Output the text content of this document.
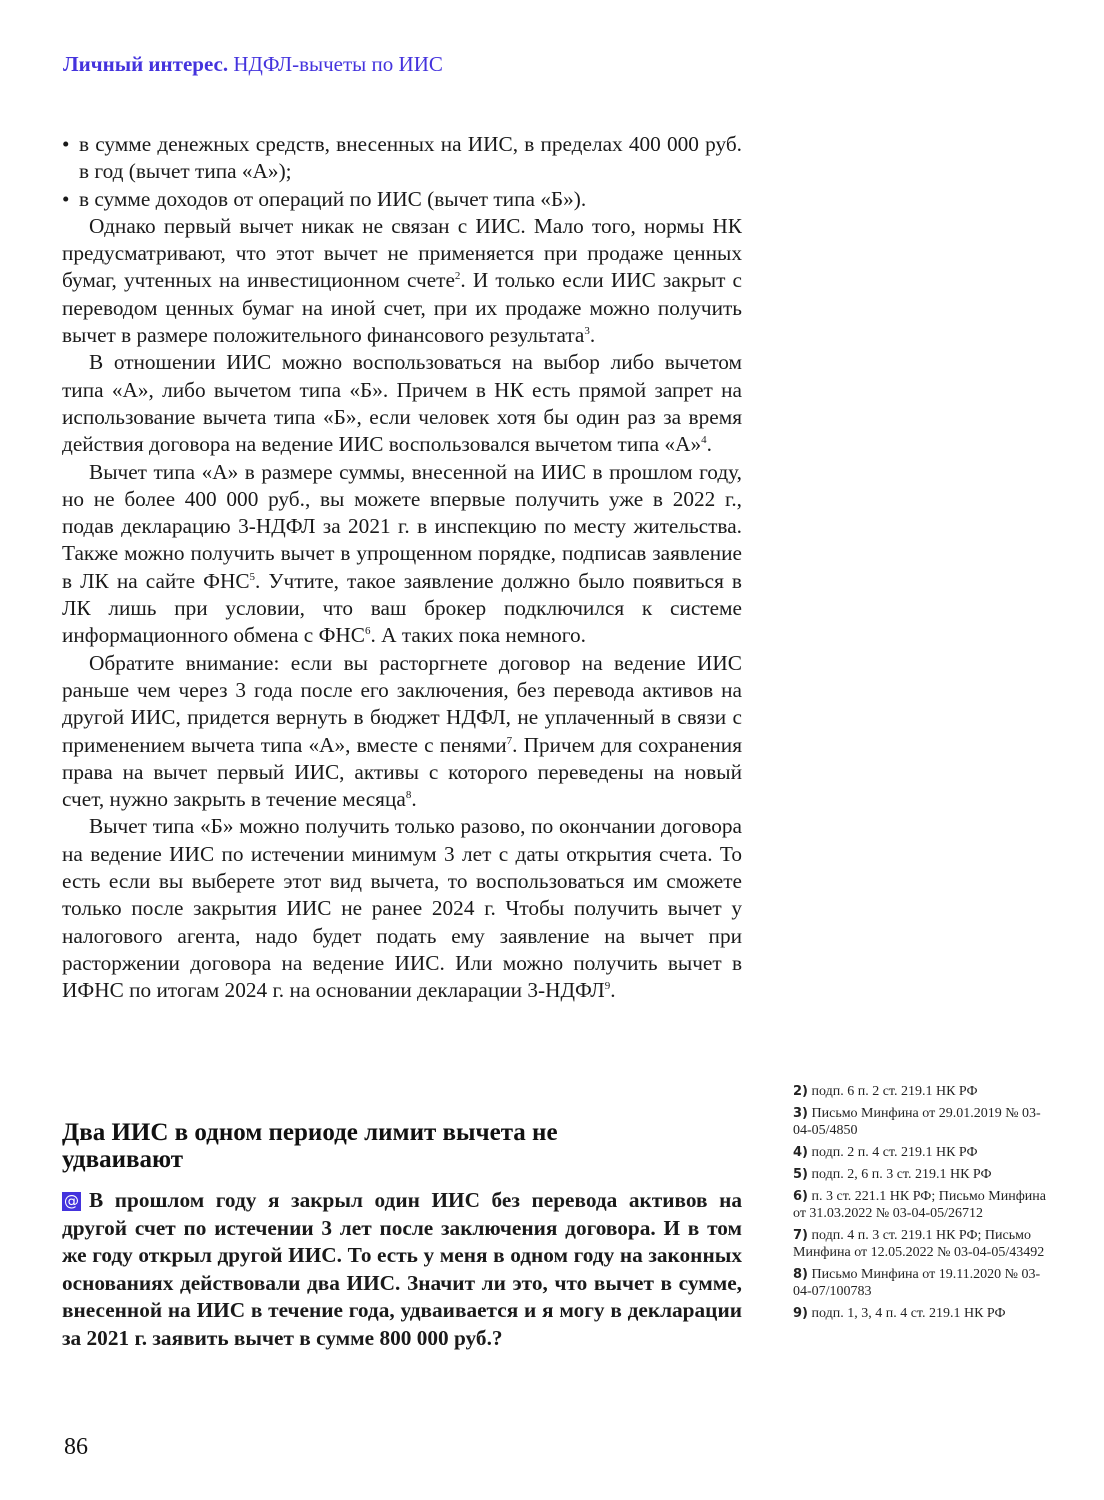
Личный интерес. НДФЛ-вычеты по ИИС
• в сумме денежных средств, внесенных на ИИС, в пределах 400 000 руб. в год (вычет типа «А»);
• в сумме доходов от операций по ИИС (вычет типа «Б»).

Однако первый вычет никак не связан с ИИС. Мало того, нормы НК предусматривают, что этот вычет не применяется при продаже ценных бумаг, учтенных на инвестиционном счете$^2$. И только если ИИС закрыт с переводом ценных бумаг на иной счет, при их продаже можно получить вычет в размере положительного финансового результата$^3$.

В отношении ИИС можно воспользоваться на выбор либо вычетом типа «А», либо вычетом типа «Б». Причем в НК есть прямой запрет на использование вычета типа «Б», если человек хотя бы один раз за время действия договора на ведение ИИС воспользовался вычетом типа «А»$^4$.

Вычет типа «А» в размере суммы, внесенной на ИИС в прошлом году, но не более 400 000 руб., вы можете впервые получить уже в 2022 г., подав декларацию 3-НДФЛ за 2021 г. в инспекцию по месту жительства. Также можно получить вычет в упрощенном порядке, подписав заявление в ЛК на сайте ФНС$^5$. Учтите, такое заявление должно было появиться в ЛК лишь при условии, что ваш брокер подключился к системе информационного обмена с ФНС$^6$. А таких пока немного.

Обратите внимание: если вы расторгнете договор на ведение ИИС раньше чем через 3 года после его заключения, без перевода активов на другой ИИС, придется вернуть в бюджет НДФЛ, не уплаченный в связи с применением вычета типа «А», вместе с пенями$^7$. Причем для сохранения права на вычет первый ИИС, активы с которого переведены на новый счет, нужно закрыть в течение месяца$^8$.

Вычет типа «Б» можно получить только разово, по окончании договора на ведение ИИС по истечении минимум 3 лет с даты открытия счета. То есть если вы выберете этот вид вычета, то воспользоваться им сможете только после закрытия ИИС не ранее 2024 г. Чтобы получить вычет у налогового агента, надо будет подать ему заявление на вычет при расторжении договора на ведение ИИС. Или можно получить вычет в ИФНС по итогам 2024 г. на основании декларации 3-НДФЛ$^9$.

Два ИИС в одном периоде лимит вычета не удваивают
@ В прошлом году я закрыл один ИИС без перевода активов на другой счет по истечении 3 лет после заключения договора. И в том же году открыл другой ИИС. То есть у меня в одном году на законных основаниях действовали два ИИС. Значит ли это, что вычет в сумме, внесенной на ИИС в течение года, удваивается и я могу в декларации за 2021 г. заявить вычет в сумме 800 000 руб.?
2) подп. 6 п. 2 ст. 219.1 НК РФ
3) Письмо Минфина от 29.01.2019 № 03-04-05/4850
4) подп. 2 п. 4 ст. 219.1 НК РФ
5) подп. 2, 6 п. 3 ст. 219.1 НК РФ
6) п. 3 ст. 221.1 НК РФ; Письмо Минфина от 31.03.2022 № 03-04-05/26712
7) подп. 4 п. 3 ст. 219.1 НК РФ; Письмо Минфина от 12.05.2022 № 03-04-05/43492
8) Письмо Минфина от 19.11.2020 № 03-04-07/100783
9) подп. 1, 3, 4 п. 4 ст. 219.1 НК РФ
86
